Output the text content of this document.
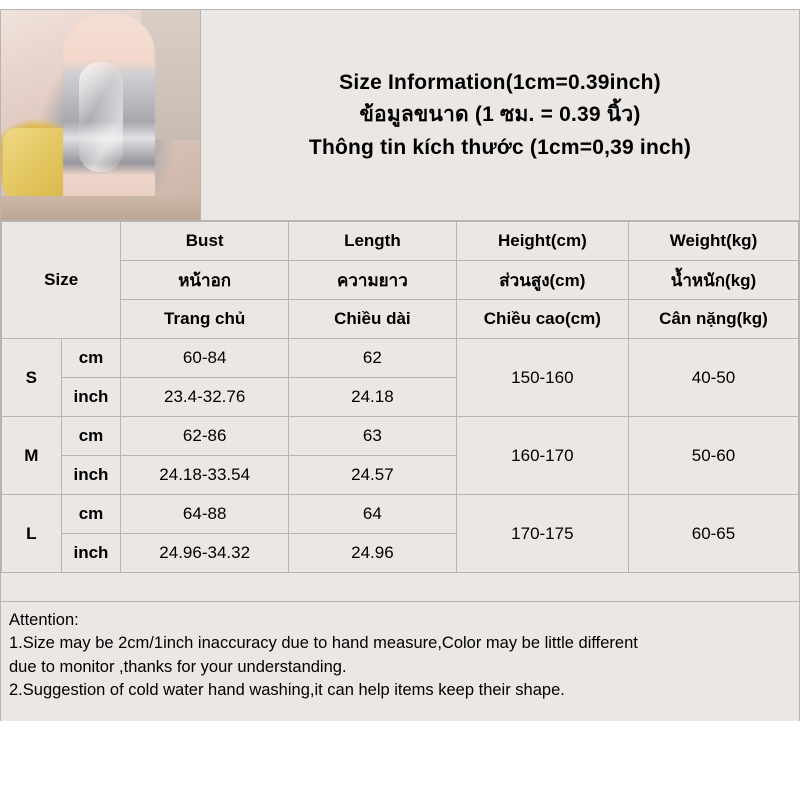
Size Information(1cm=0.39inch)
ข้อมูลขนาด (1 ซม. = 0.39 นิ้ว)
Thông tin kích thước (1cm=0,39 inch)
Size		Bust	Length	Height(cm)	Weight(kg)
		หน้าอก	ความยาว	ส่วนสูง(cm)	น้ำหนัก(kg)
		Trang chủ	Chiều dài	Chiều cao(cm)	Cân nặng(kg)
S	cm	60-84	62	150-160	40-50
	inch	23.4-32.76	24.18		
M	cm	62-86	63	160-170	50-60
	inch	24.18-33.54	24.57		
L	cm	64-88	64	170-175	60-65
	inch	24.96-34.32	24.96		

Attention:

1.Size may be 2cm/1inch inaccuracy due to hand measure,Color may be little different

due to monitor ,thanks for your understanding.

2.Suggestion of cold water hand washing,it can help items keep their shape.
